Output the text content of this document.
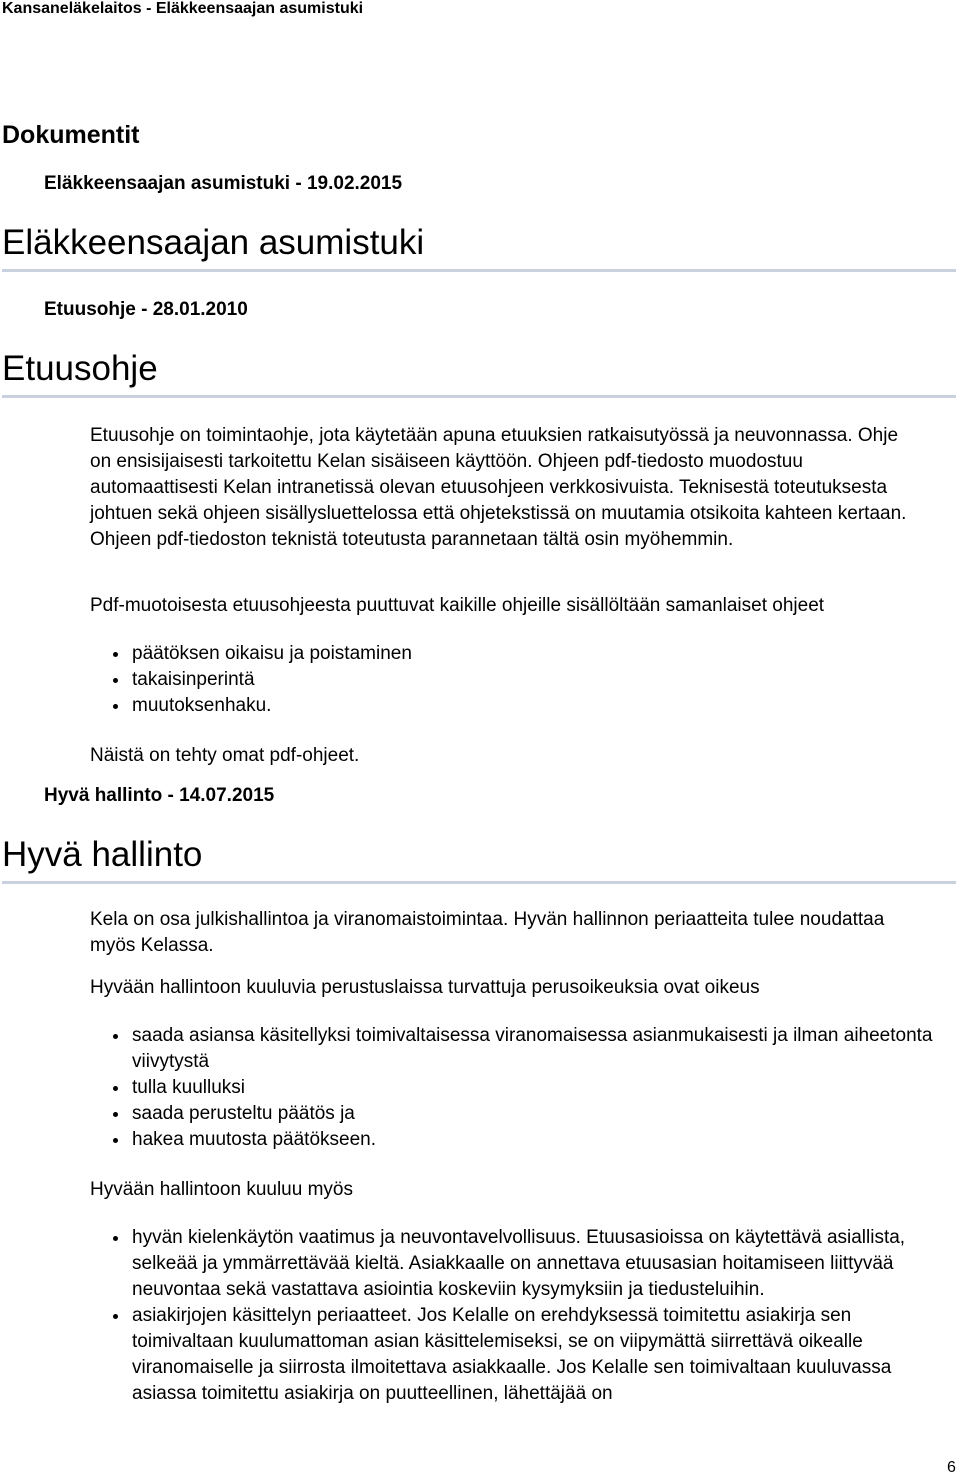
Kansaneläkelaitos - Eläkkeensaajan asumistuki
Dokumentit
Eläkkeensaajan asumistuki - 19.02.2015
Eläkkeensaajan asumistuki
Etuusohje - 28.01.2010
Etuusohje

Etuusohje on toimintaohje, jota käytetään apuna etuuksien ratkaisutyössä ja neuvonnassa. Ohje on ensisijaisesti tarkoitettu Kelan sisäiseen käyttöön. Ohjeen pdf-tiedosto muodostuu automaattisesti Kelan intranetissä olevan etuusohjeen verkkosivuista. Teknisestä toteutuksesta johtuen sekä ohjeen sisällysluettelossa että ohjetekstissä on muutamia otsikoita kahteen kertaan. Ohjeen pdf-tiedoston teknistä toteutusta parannetaan tältä osin myöhemmin.

Pdf-muotoisesta etuusohjeesta puuttuvat kaikille ohjeille sisällöltään samanlaiset ohjeet

päätöksen oikaisu ja poistaminen
takaisinperintä
muutoksenhaku.

Näistä on tehty omat pdf-ohjeet.

Hyvä hallinto - 14.07.2015
Hyvä hallinto

Kela on osa julkishallintoa ja viranomaistoimintaa. Hyvän hallinnon periaatteita tulee noudattaa myös Kelassa.

Hyvään hallintoon kuuluvia perustuslaissa turvattuja perusoikeuksia ovat oikeus

saada asiansa käsitellyksi toimivaltaisessa viranomaisessa asianmukaisesti ja ilman aiheetonta viivytystä
tulla kuulluksi
saada perusteltu päätös ja
hakea muutosta päätökseen.

Hyvään hallintoon kuuluu myös

hyvän kielenkäytön vaatimus ja neuvontavelvollisuus. Etuusasioissa on käytettävä asiallista, selkeää ja ymmärrettävää kieltä. Asiakkaalle on annettava etuusasian hoitamiseen liittyvää neuvontaa sekä vastattava asiointia koskeviin kysymyksiin ja tiedusteluihin.
asiakirjojen käsittelyn periaatteet. Jos Kelalle on erehdyksessä toimitettu asiakirja sen toimivaltaan kuulumattoman asian käsittelemiseksi, se on viipymättä siirrettävä oikealle viranomaiselle ja siirrosta ilmoitettava asiakkaalle. Jos Kelalle sen toimivaltaan kuuluvassa asiassa toimitettu asiakirja on puutteellinen, lähettäjää on
6
